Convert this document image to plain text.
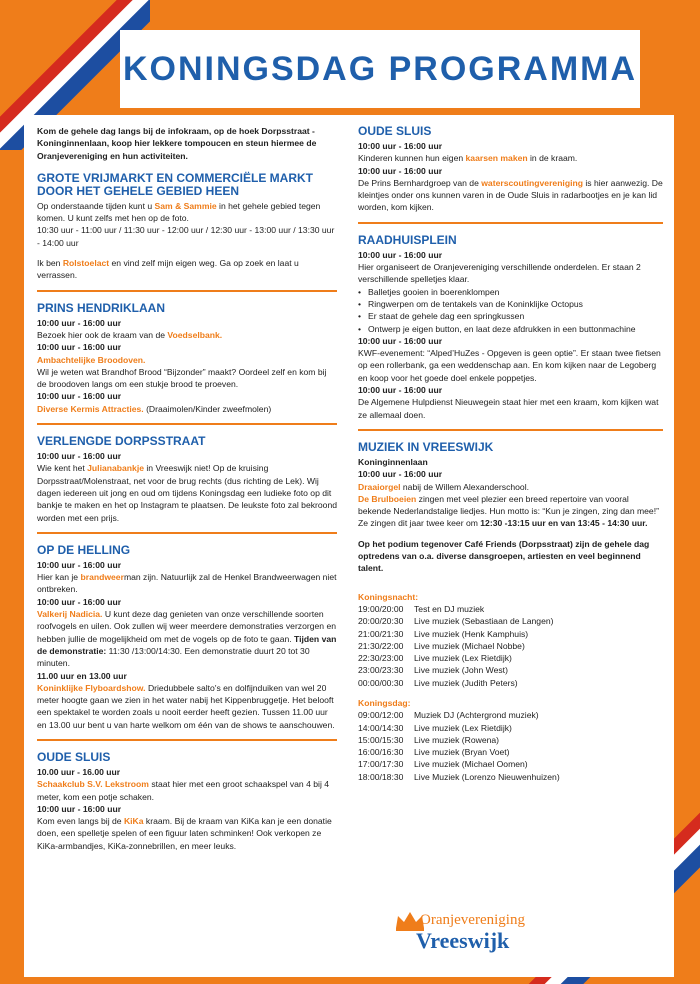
KONINGSDAG PROGRAMMA

Kom de gehele dag langs bij de infokraam, op de hoek Dorpsstraat - Koninginnenlaan, koop hier lekkere tompoucen en steun hiermee de Oranjevereniging en hun activiteiten.

GROTE VRIJMARKT EN COMMERCIËLE MARKT DOOR HET GEHELE GEBIED HEEN

Op onderstaande tijden kunt u Sam & Sammie in het gehele gebied tegen komen. U kunt zelfs met hen op de foto.

10:30 uur - 11:00 uur / 11:30 uur - 12:00 uur / 12:30 uur - 13:00 uur / 13:30 uur - 14:00 uur

Ik ben Rolstoelact en vind zelf mijn eigen weg. Ga op zoek en laat u verrassen.

PRINS HENDRIKLAAN

10:00 uur - 16:00 uur

Bezoek hier ook de kraam van de Voedselbank.

10:00 uur - 16:00 uur

Ambachtelijke Broodoven.

Wil je weten wat Brandhof Brood “Bijzonder” maakt? Oordeel zelf en kom bij de broodoven langs om een stukje brood te proeven.

10:00 uur - 16:00 uur

Diverse Kermis Attracties. (Draaimolen/Kinder zweefmolen)

VERLENGDE DORPSSTRAAT

10:00 uur - 16:00 uur

Wie kent het Julianabankje in Vreeswijk niet! Op de kruising Dorpsstraat/Molenstraat, net voor de brug rechts (dus richting de Lek). Wij dagen iedereen uit jong en oud om tijdens Koningsdag een ludieke foto op dit bankje te maken en het op Instagram te plaatsen. De leukste foto zal bekroond worden met een prijs.

OP DE HELLING

10:00 uur - 16:00 uur

Hier kan je brandweerman zijn. Natuurlijk zal de Henkel Brandweerwagen niet ontbreken.

10:00 uur - 16:00 uur

Valkerij Nadicia. U kunt deze dag genieten van onze verschillende soorten roofvogels en uilen. Ook zullen wij weer meerdere demonstraties verzorgen en hebben jullie de mogelijkheid om met de vogels op de foto te gaan. Tijden van de demonstratie: 11:30 /13:00/14:30. Een demonstratie duurt 20 tot 30 minuten.

11.00 uur en 13.00 uur

Koninklijke Flyboardshow. Driedubbele salto's en dolfijnduiken van wel 20 meter hoogte gaan we zien in het water nabij het Kippenbruggetje. Het belooft een spektakel te worden zoals u nooit eerder heeft gezien. Tussen 11.00 uur en 13.00 uur bent u van harte welkom om één van de shows te aanschouwen.

OUDE SLUIS

10.00 uur - 16.00 uur

Schaakclub S.V. Lekstroom staat hier met een groot schaakspel van 4 bij 4 meter, kom een potje schaken.

10:00 uur - 16:00 uur

Kom even langs bij de KiKa kraam. Bij de kraam van KiKa kan je een donatie doen, een spelletje spelen of een figuur laten schminken! Ook verkopen ze KiKa-armbandjes, KiKa-zonnebrillen, en meer leuks.

OUDE SLUIS

10:00 uur - 16:00 uur

Kinderen kunnen hun eigen kaarsen maken in de kraam.

10:00 uur - 16:00 uur

De Prins Bernhardgroep van de waterscoutingvereniging is hier aanwezig. De kleintjes onder ons kunnen varen in de Oude Sluis in radarbootjes en je kan lid worden, kom kijken.

RAADHUISPLEIN

10:00 uur - 16:00 uur

Hier organiseert de Oranjevereniging verschillende onderdelen. Er staan 2 verschillende spelletjes klaar.

• Balletjes gooien in boerenklompen
• Ringwerpen om de tentakels van de Koninklijke Octopus
• Er staat de gehele dag een springkussen
• Ontwerp je eigen button, en laat deze afdrukken in een buttonmachine

10:00 uur - 16:00 uur

KWF-evenement: “Alped’HuZes - Opgeven is geen optie”. Er staan twee fietsen op een rollerbank, ga een weddenschap aan. En kom kijken naar de Legoberg en koop voor het goede doel enkele poppetjes.

10:00 uur - 16:00 uur

De Algemene Hulpdienst Nieuwegein staat hier met een kraam, kom kijken wat ze allemaal doen.

MUZIEK IN VREESWIJK

Koninginnenlaan

10:00 uur - 16:00 uur

Draaiorgel nabij de Willem Alexanderschool.

De Brulboeien zingen met veel plezier een breed repertoire van vooral bekende Nederlandstalige liedjes. Hun motto is: “Kun je zingen, zing dan mee!” Ze zingen dit jaar twee keer om 12:30 -13:15 uur en van 13:45 - 14:30 uur.

Op het podium tegenover Café Friends (Dorpsstraat) zijn de gehele dag optredens van o.a. diverse dansgroepen, artiesten en veel beginnend talent.

Koningsnacht:

19:00/20:00	Test en DJ muziek
20:00/20:30	Live muziek (Sebastiaan de Langen)
21:00/21:30	Live muziek (Henk Kamphuis)
21:30/22:00	Live muziek (Michael Nobbe)
22:30/23:00	Live muziek (Lex Rietdijk)
23:00/23:30	Live muziek (John West)
00:00/00:30	Live muziek (Judith Peters)

Koningsdag:

09:00/12:00	Muziek DJ (Achtergrond muziek)
14:00/14:30	Live muziek (Lex Rietdijk)
15:00/15:30	Live muziek (Rowena)
16:00/16:30	Live muziek (Bryan Voet)
17:00/17:30	Live muziek (Michael Oomen)
18:00/18:30	Live Muziek (Lorenzo Nieuwenhuizen)
Oranjevereniging
Vreeswijk
